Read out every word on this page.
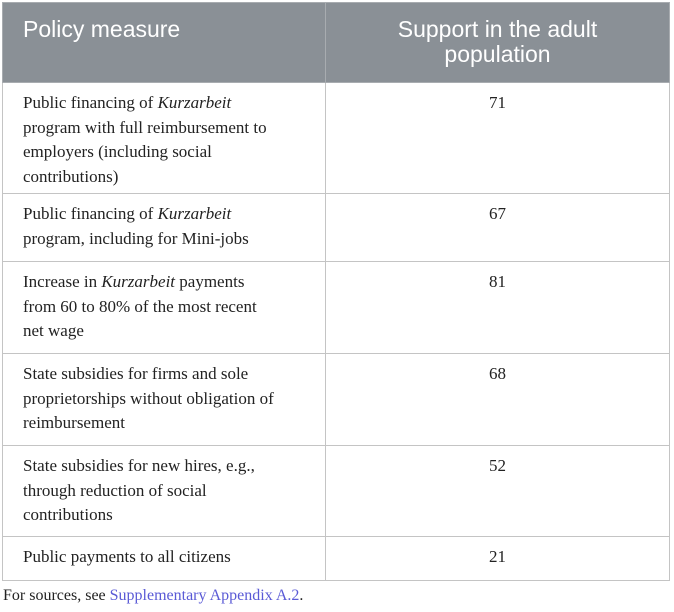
Policy measure	Support in the adult
population

Public financing of Kurzarbeit
program with full reimbursement to
employers (including social
contributions)	71

Public financing of Kurzarbeit
program, including for Mini-jobs	67

Increase in Kurzarbeit payments
from 60 to 80% of the most recent
net wage	81

State subsidies for firms and sole
proprietorships without obligation of
reimbursement	68

State subsidies for new hires, e.g.,
through reduction of social
contributions	52

Public payments to all citizens	21
For sources, see Supplementary Appendix A.2.
